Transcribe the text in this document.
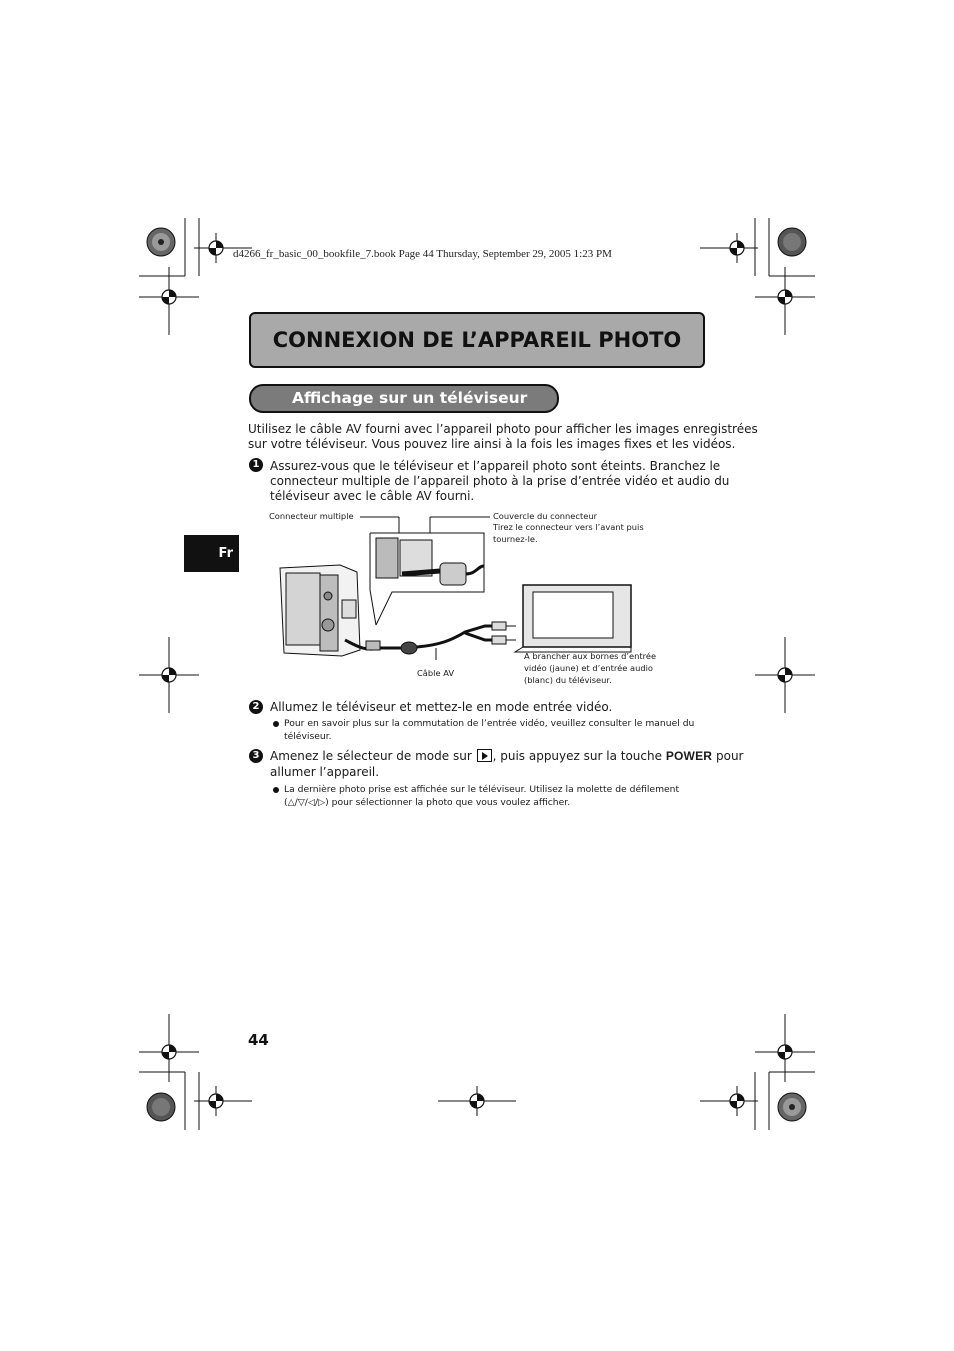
d4266_fr_basic_00_bookfile_7.book Page 44 Thursday, September 29, 2005 1:23 PM
CONNEXION DE L’APPAREIL PHOTO
Affichage sur un téléviseur
Fr
Utilisez le câble AV fourni avec l’appareil photo pour afficher les images enregistrées
sur votre téléviseur. Vous pouvez lire ainsi à la fois les images fixes et les vidéos.
1 Assurez-vous que le téléviseur et l’appareil photo sont éteints. Branchez le
connecteur multiple de l’appareil photo à la prise d’entrée vidéo et audio du
téléviseur avec le câble AV fourni.
Connecteur multiple	Couvercle du connecteur
Tirez le connecteur vers l’avant puis
tournez-le.
Câble AV
À brancher aux bornes d’entrée
vidéo (jaune) et d’entrée audio
(blanc) du téléviseur.
2 Allumez le téléviseur et mettez-le en mode entrée vidéo.
Pour en savoir plus sur la commutation de l’entrée vidéo, veuillez consulter le manuel du
téléviseur.
3 Amenez le sélecteur de mode sur , puis appuyez sur la touche POWER pour
allumer l’appareil.
La dernière photo prise est affichée sur le téléviseur. Utilisez la molette de défilement
(△/▽/◁/▷) pour sélectionner la photo que vous voulez afficher.
44
